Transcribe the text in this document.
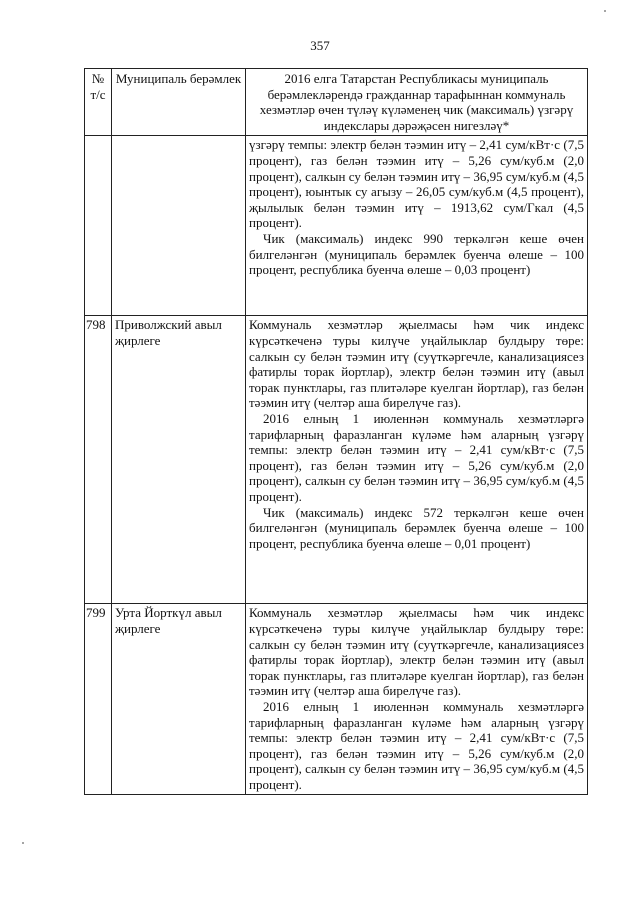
357
№ т/с	Муниципаль берәмлек	2016 елга Татарстан Республикасы муниципаль берәмлекләрендә гражданнар тарафыннан коммуналь хезмәтләр өчен түләү күләменең чик (максималь) үзгәрү индекслары дәрәҗәсен нигезләү*

		үзгәрү темпы: электр белән тәэмин итү – 2,41 сум/кВт·с (7,5 процент), газ белән тәэмин итү – 5,26 сум/куб.м (2,0 процент), салкын су белән тәэмин итү – 36,95 сум/куб.м (4,5 процент), юынтык су агызу – 26,05 сум/куб.м (4,5 процент), җылылык белән тәэмин итү – 1913,62 сум/Гкал (4,5 процент).

Чик (максималь) индекс 990 теркәлгән кеше өчен билгеләнгән (муниципаль берәмлек буенча өлеше – 100 процент, республика буенча өлеше – 0,03 процент)

798	Приволжский авыл җирлеге	Коммуналь хезмәтләр җыелмасы һәм чик индекс күрсәткеченә туры килүче уңайлыклар булдыру төре: салкын су белән тәэмин итү (суүткәргечле, канализациясез фатирлы торак йортлар), электр белән тәэмин итү (авыл торак пунктлары, газ плитәләре куелган йортлар), газ белән тәэмин итү (челтәр аша бирелүче газ).

2016 елның 1 июленнән коммуналь хезмәтләргә тарифларның фаразланган күләме һәм аларның үзгәрү темпы: электр белән тәэмин итү – 2,41 сум/кВт·с (7,5 процент), газ белән тәэмин итү – 5,26 сум/куб.м (2,0 процент), салкын су белән тәэмин итү – 36,95 сум/куб.м (4,5 процент).

Чик (максималь) индекс 572 теркәлгән кеше өчен билгеләнгән (муниципаль берәмлек буенча өлеше – 100 процент, республика буенча өлеше – 0,01 процент)

799	Урта Йорткүл авыл җирлеге	Коммуналь хезмәтләр җыелмасы һәм чик индекс күрсәткеченә туры килүче уңайлыклар булдыру төре: салкын су белән тәэмин итү (суүткәргечле, канализациясез фатирлы торак йортлар), электр белән тәэмин итү (авыл торак пунктлары, газ плитәләре куелган йортлар), газ белән тәэмин итү (челтәр аша бирелүче газ).

2016 елның 1 июленнән коммуналь хезмәтләргә тарифларның фаразланган күләме һәм аларның үзгәрү темпы: электр белән тәэмин итү – 2,41 сум/кВт·с (7,5 процент), газ белән тәэмин итү – 5,26 сум/куб.м (2,0 процент), салкын су белән тәэмин итү – 36,95 сум/куб.м (4,5 процент).
